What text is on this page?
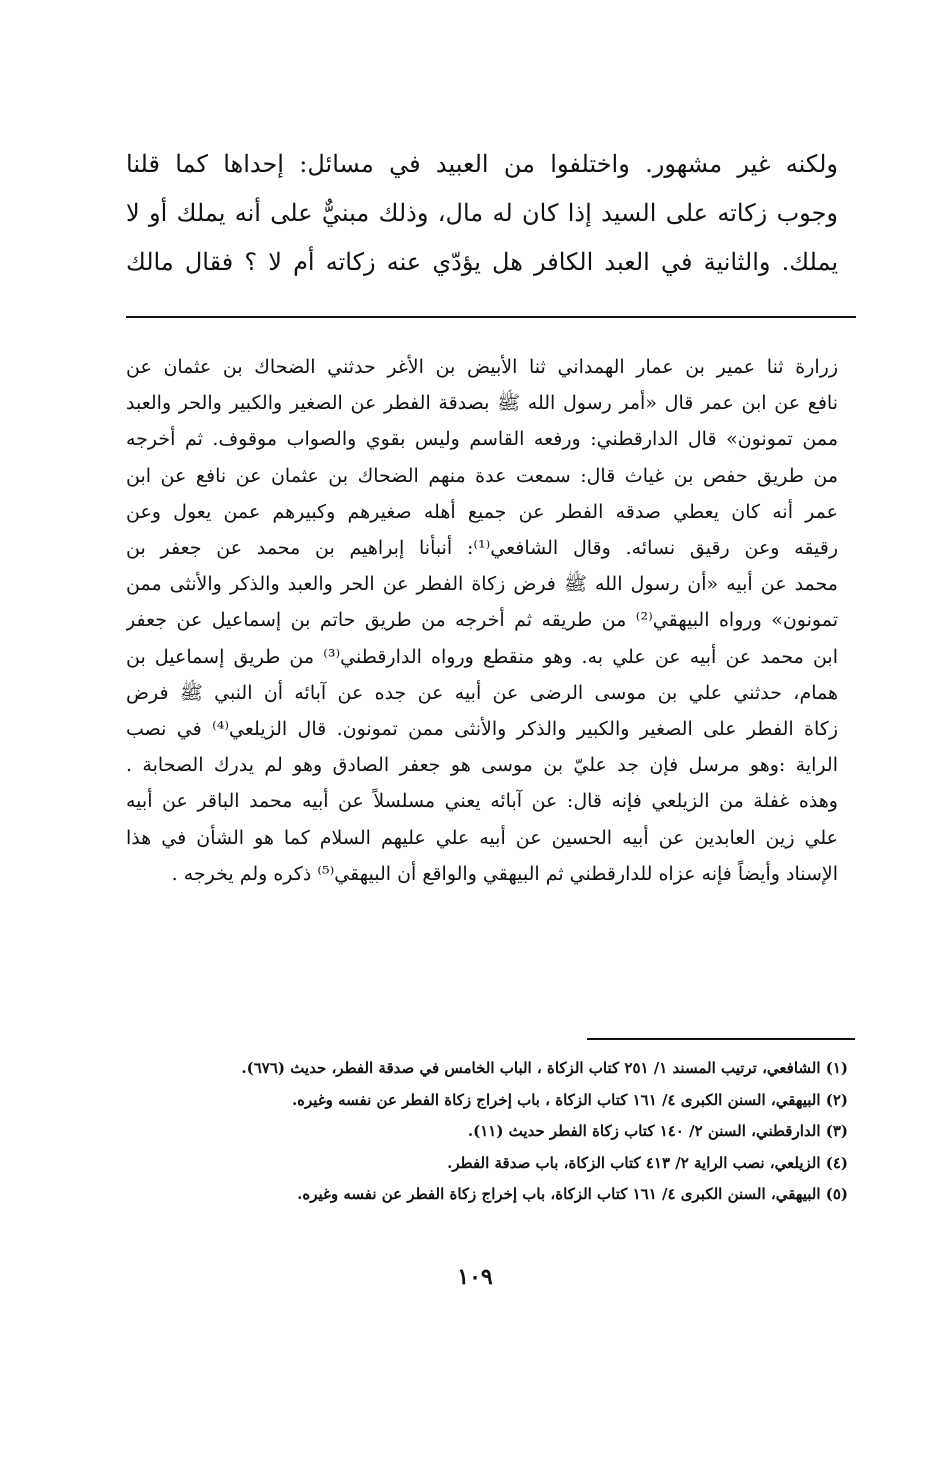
ولكنه غير مشهور. واختلفوا من العبيد في مسائل: إحداها كما قلنا

وجوب زكاته على السيد إذا كان له مال، وذلك مبنيٌّ على أنه يملك أو لا

يملك. والثانية في العبد الكافر هل يؤدّي عنه زكاته أم لا ؟ فقال مالك

زرارة ثنا عمير بن عمار الهمداني ثنا الأبيض بن الأغر حدثني الضحاك بن عثمان عن
نافع عن ابن عمر قال «أمر رسول الله ﷺ بصدقة الفطر عن الصغير والكبير والحر والعبد
ممن تمونون» قال الدارقطني: ورفعه القاسم وليس بقوي والصواب موقوف. ثم أخرجه
من طريق حفص بن غياث قال: سمعت عدة منهم الضحاك بن عثمان عن نافع عن ابن
عمر أنه كان يعطي صدقه الفطر عن جميع أهله صغيرهم وكبيرهم عمن يعول وعن
رقيقه وعن رقيق نسائه. وقال الشافعي⁽¹⁾: أنبأنا إبراهيم بن محمد عن جعفر بن
محمد عن أبيه «أن رسول الله ﷺ فرض زكاة الفطر عن الحر والعبد والذكر والأنثى ممن
تمونون» ورواه البيهقي⁽²⁾ من طريقه ثم أخرجه من طريق حاتم بن إسماعيل عن جعفر
ابن محمد عن أبيه عن علي به. وهو منقطع ورواه الدارقطني⁽³⁾ من طريق إسماعيل بن
همام، حدثني علي بن موسى الرضى عن أبيه عن جده عن آبائه أن النبي ﷺ فرض
زكاة الفطر على الصغير والكبير والذكر والأنثى ممن تمونون. قال الزيلعي⁽⁴⁾ في نصب
الراية :وهو مرسل فإن جد عليّ بن موسى هو جعفر الصادق وهو لم يدرك الصحابة .
وهذه غفلة من الزيلعي فإنه قال: عن آبائه يعني مسلسلاً عن أبيه محمد الباقر عن أبيه
علي زين العابدين عن أبيه الحسين عن أبيه علي عليهم السلام كما هو الشأن في هذا
الإسناد وأيضاً فإنه عزاه للدارقطني ثم البيهقي والواقع أن البيهقي⁽⁵⁾ ذكره ولم يخرجه .
(١) الشافعي، ترتيب المسند ١/ ٢٥١ كتاب الزكاة ، الباب الخامس في صدقة الفطر، حديث (٦٧٦).
(٢) البيهقي، السنن الكبرى ٤/ ١٦١ كتاب الزكاة ، باب إخراج زكاة الفطر عن نفسه وغيره.
(٣) الدارقطني، السنن ٢/ ١٤٠ كتاب زكاة الفطر حديث (١١).
(٤) الزيلعي، نصب الراية ٢/ ٤١٣ كتاب الزكاة، باب صدقة الفطر.
(٥) البيهقي، السنن الكبرى ٤/ ١٦١ كتاب الزكاة، باب إخراج زكاة الفطر عن نفسه وغيره.
١٠٩
